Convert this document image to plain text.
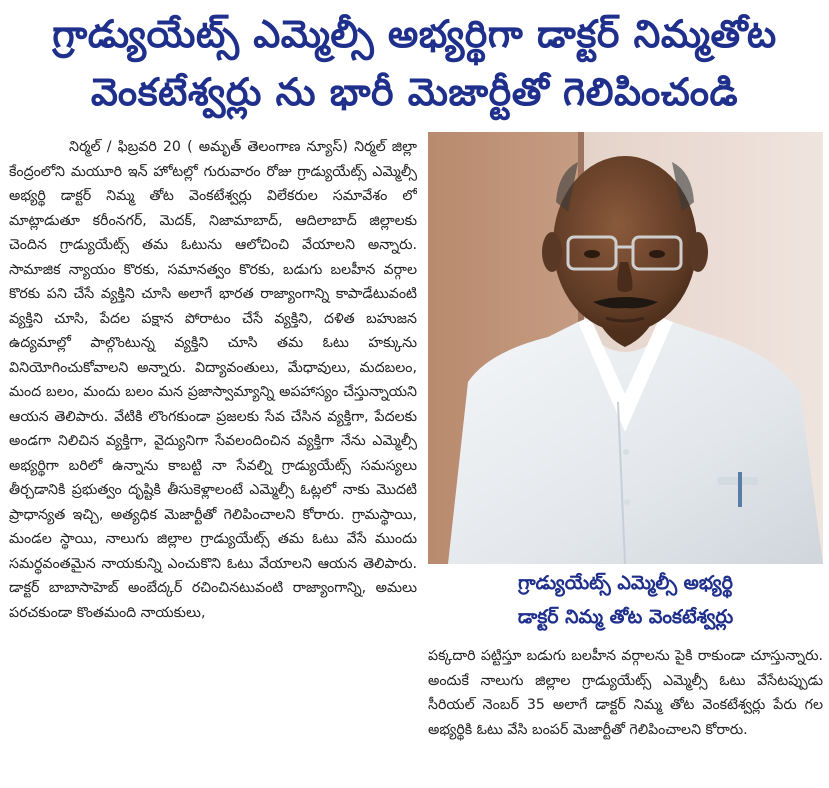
గ్రాడ్యుయేట్స్ ఎమ్మెల్సీ అభ్యర్థిగా డాక్టర్ నిమ్మతోట
వెంకటేశ్వర్లు ను భారీ మెజార్టీతో గెలిపించండి

నిర్మల్ / ఫిబ్రవరి 20 ( అమృత్ తెలంగాణ న్యూస్) నిర్మల్ జిల్లా కేంద్రంలోని మయూరి ఇన్ హోటల్లో గురువారం రోజు గ్రాడ్యుయేట్స్ ఎమ్మెల్సీ అభ్యర్థి డాక్టర్ నిమ్మ తోట వెంకటేశ్వర్లు విలేకరుల సమావేశం లో మాట్లాడుతూ కరీంనగర్, మెదక్, నిజామాబాద్, ఆదిలాబాద్ జిల్లాలకు చెందిన గ్రాడ్యుయేట్స్ తమ ఓటును ఆలోచించి వేయాలని అన్నారు. సామాజిక న్యాయం కొరకు, సమానత్వం కొరకు, బడుగు బలహీన వర్గాల కొరకు పని చేసే వ్యక్తిని చూసి అలాగే భారత రాజ్యాంగాన్ని కాపాడేటువంటి వ్యక్తిని చూసి, పేదల పక్షాన పోరాటం చేసే వ్యక్తిని, దళిత బహుజన ఉద్యమాల్లో పాల్గొంటున్న వ్యక్తిని చూసి తమ ఓటు హక్కును వినియోగించుకోవాలని అన్నారు. విద్యావంతులు, మేధావులు, మదబలం, మంద బలం, మందు బలం మన ప్రజాస్వామ్యాన్ని అపహాస్యం చేస్తున్నాయని ఆయన తెలిపారు. వేటికి లొంగకుండా ప్రజలకు సేవ చేసిన వ్యక్తిగా, పేదలకు అండగా నిలిచిన వ్యక్తిగా, వైద్యునిగా సేవలందించిన వ్యక్తిగా నేను ఎమ్మెల్సీ అభ్యర్థిగా బరిలో ఉన్నాను కాబట్టి నా సేవల్ని గ్రాడ్యుయేట్స్ సమస్యలు తీర్చడానికి ప్రభుత్వం దృష్టికి తీసుకెళ్లాలంటే ఎమ్మెల్సీ ఓట్లలో నాకు మొదటి ప్రాధాన్యత ఇచ్చి, అత్యధిక మెజార్టీతో గెలిపించాలని కోరారు. గ్రామస్థాయి, మండల స్థాయి, నాలుగు జిల్లాల గ్రాడ్యుయేట్స్ తమ ఓటు వేసే ముందు సమర్థవంతమైన నాయకున్ని ఎంచుకొని ఓటు వేయాలని ఆయన తెలిపారు. డాక్టర్ బాబాసాహెబ్ అంబేద్కర్ రచించినటువంటి రాజ్యాంగాన్ని, అమలు పరచకుండా కొంతమంది నాయకులు,

గ్రాడ్యుయేట్స్ ఎమ్మెల్సీ అభ్యర్థి
డాక్టర్ నిమ్మ తోట వెంకటేశ్వర్లు

పక్కదారి పట్టిస్తూ బడుగు బలహీన వర్గాలను పైకి రాకుండా చూస్తున్నారు. అందుకే నాలుగు జిల్లాల గ్రాడ్యుయేట్స్ ఎమ్మెల్సీ ఓటు వేసేటప్పుడు సీరియల్ నెంబర్ 35 అలాగే డాక్టర్ నిమ్మ తోట వెంకటేశ్వర్లు పేరు గల అభ్యర్థికి ఓటు వేసి బంపర్ మెజార్టీతో గెలిపించాలని కోరారు.
